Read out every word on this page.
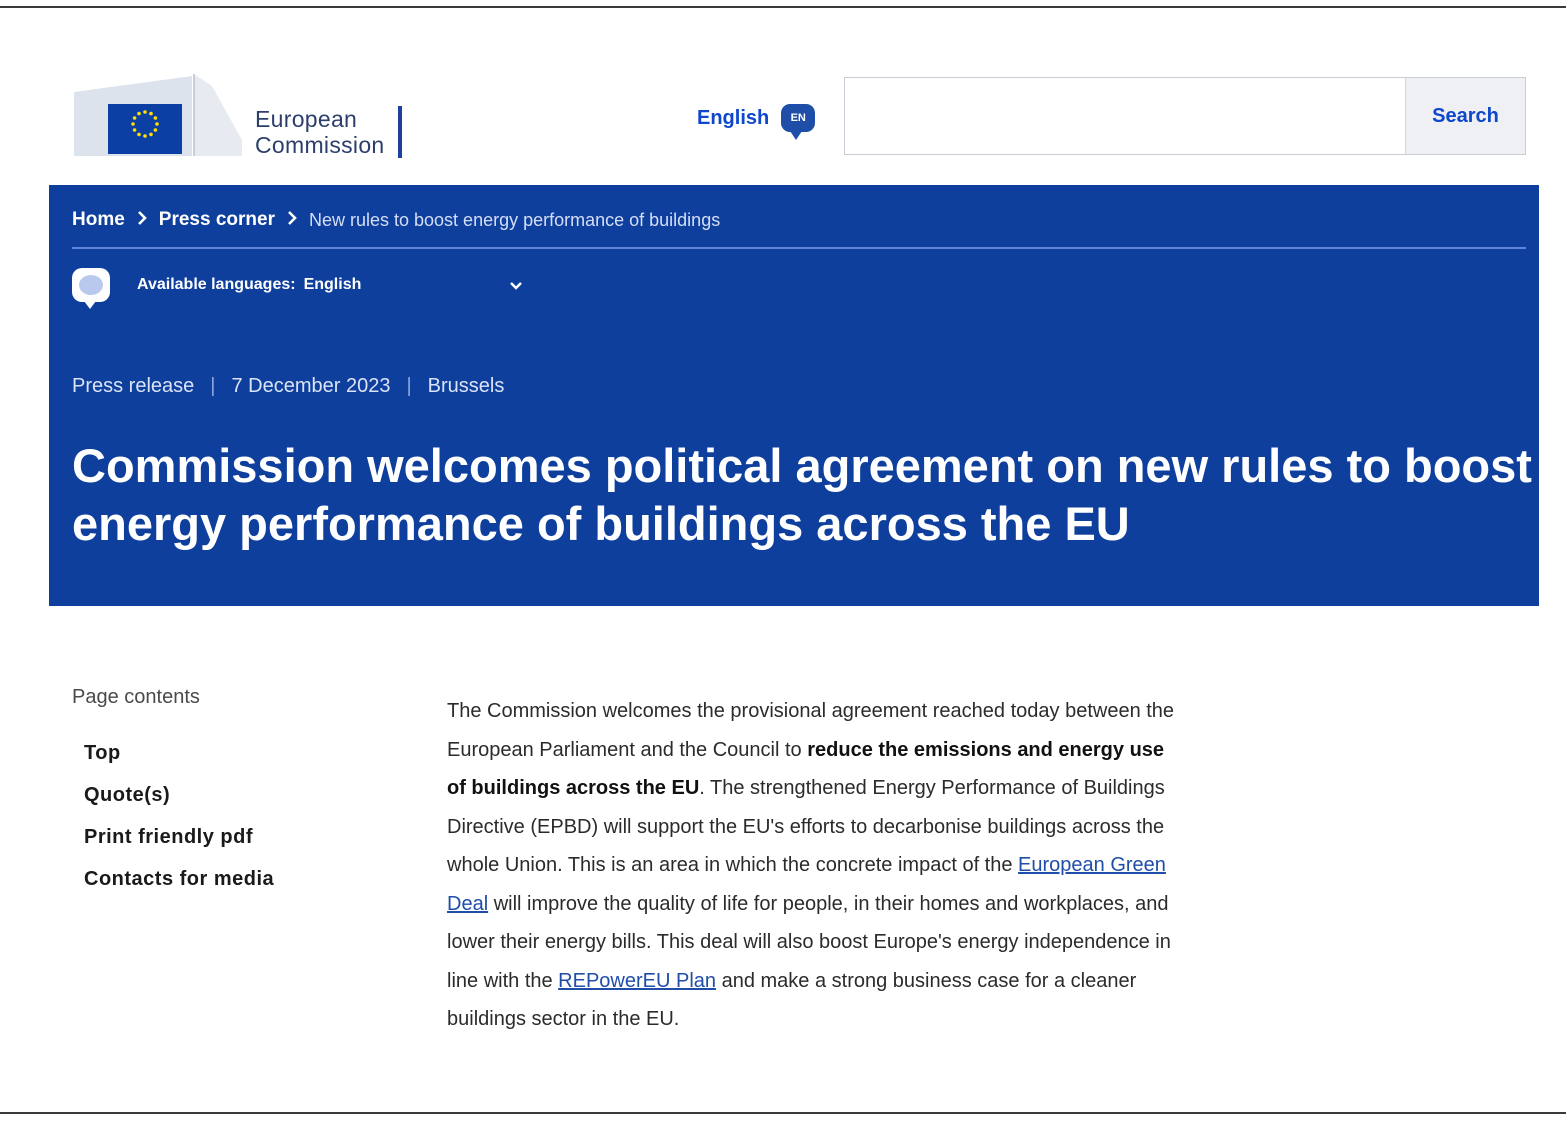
European
Commission
English EN	Search
Home Press corner New rules to boost energy performance of buildings
Available languages: English
Press release | 7 December 2023 | Brussels
Commission welcomes political agreement on new rules to boost energy performance of buildings across the EU
Page contents
Top
Quote(s)
Print friendly pdf
Contacts for media

The Commission welcomes the provisional agreement reached today between the European Parliament and the Council to reduce the emissions and energy use of buildings across the EU. The strengthened Energy Performance of Buildings Directive (EPBD) will support the EU's efforts to decarbonise buildings across the whole Union. This is an area in which the concrete impact of the European Green Deal will improve the quality of life for people, in their homes and workplaces, and lower their energy bills. This deal will also boost Europe's energy independence in line with the REPowerEU Plan and make a strong business case for a cleaner buildings sector in the EU.
